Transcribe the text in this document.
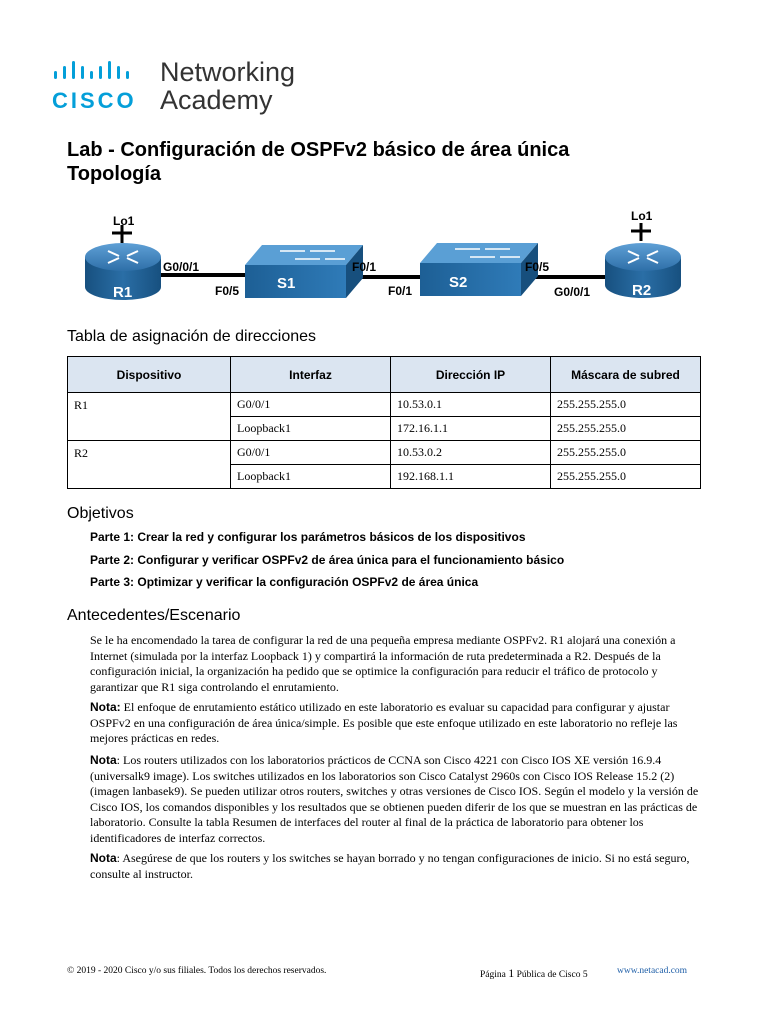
CISCO
Networking
Academy
Lab - Configuración de OSPFv2 básico de área única
Topología
Lo1
R1
G0/0/1
F0/5	S1
F0/1
F0/1 S2
F0/5
G0/0/1
Lo1
R2
Tabla de asignación de direcciones
Dispositivo	Interfaz	Dirección IP	Máscara de subred
R1	G0/0/1	10.53.0.1	255.255.255.0
	Loopback1	172.16.1.1	255.255.255.0
R2	G0/0/1	10.53.0.2	255.255.255.0
	Loopback1	192.168.1.1	255.255.255.0
Objetivos
Parte 1: Crear la red y configurar los parámetros básicos de los dispositivos
Parte 2: Configurar y verificar OSPFv2 de área única para el funcionamiento básico
Parte 3: Optimizar y verificar la configuración OSPFv2 de área única
Antecedentes/Escenario
Se le ha encomendado la tarea de configurar la red de una pequeña empresa mediante OSPFv2. R1 alojará una conexión a Internet (simulada por la interfaz Loopback 1) y compartirá la información de ruta predeterminada a R2. Después de la configuración inicial, la organización ha pedido que se optimice la configuración para reducir el tráfico de protocolo y garantizar que R1 siga controlando el enrutamiento.
Nota: El enfoque de enrutamiento estático utilizado en este laboratorio es evaluar su capacidad para configurar y ajustar OSPFv2 en una configuración de área única/simple. Es posible que este enfoque utilizado en este laboratorio no refleje las mejores prácticas en redes.
Nota: Los routers utilizados con los laboratorios prácticos de CCNA son Cisco 4221 con Cisco IOS XE versión 16.9.4 (universalk9 image). Los switches utilizados en los laboratorios son Cisco Catalyst 2960s con Cisco IOS Release 15.2 (2) (imagen lanbasek9). Se pueden utilizar otros routers, switches y otras versiones de Cisco IOS. Según el modelo y la versión de Cisco IOS, los comandos disponibles y los resultados que se obtienen pueden diferir de los que se muestran en las prácticas de laboratorio. Consulte la tabla Resumen de interfaces del router al final de la práctica de laboratorio para obtener los identificadores de interfaz correctos.
Nota: Asegúrese de que los routers y los switches se hayan borrado y no tengan configuraciones de inicio. Si no está seguro, consulte al instructor.
© 2019 - 2020 Cisco y/o sus filiales. Todos los derechos reservados.	Página 1 Pública de Cisco 5	www.netacad.com
